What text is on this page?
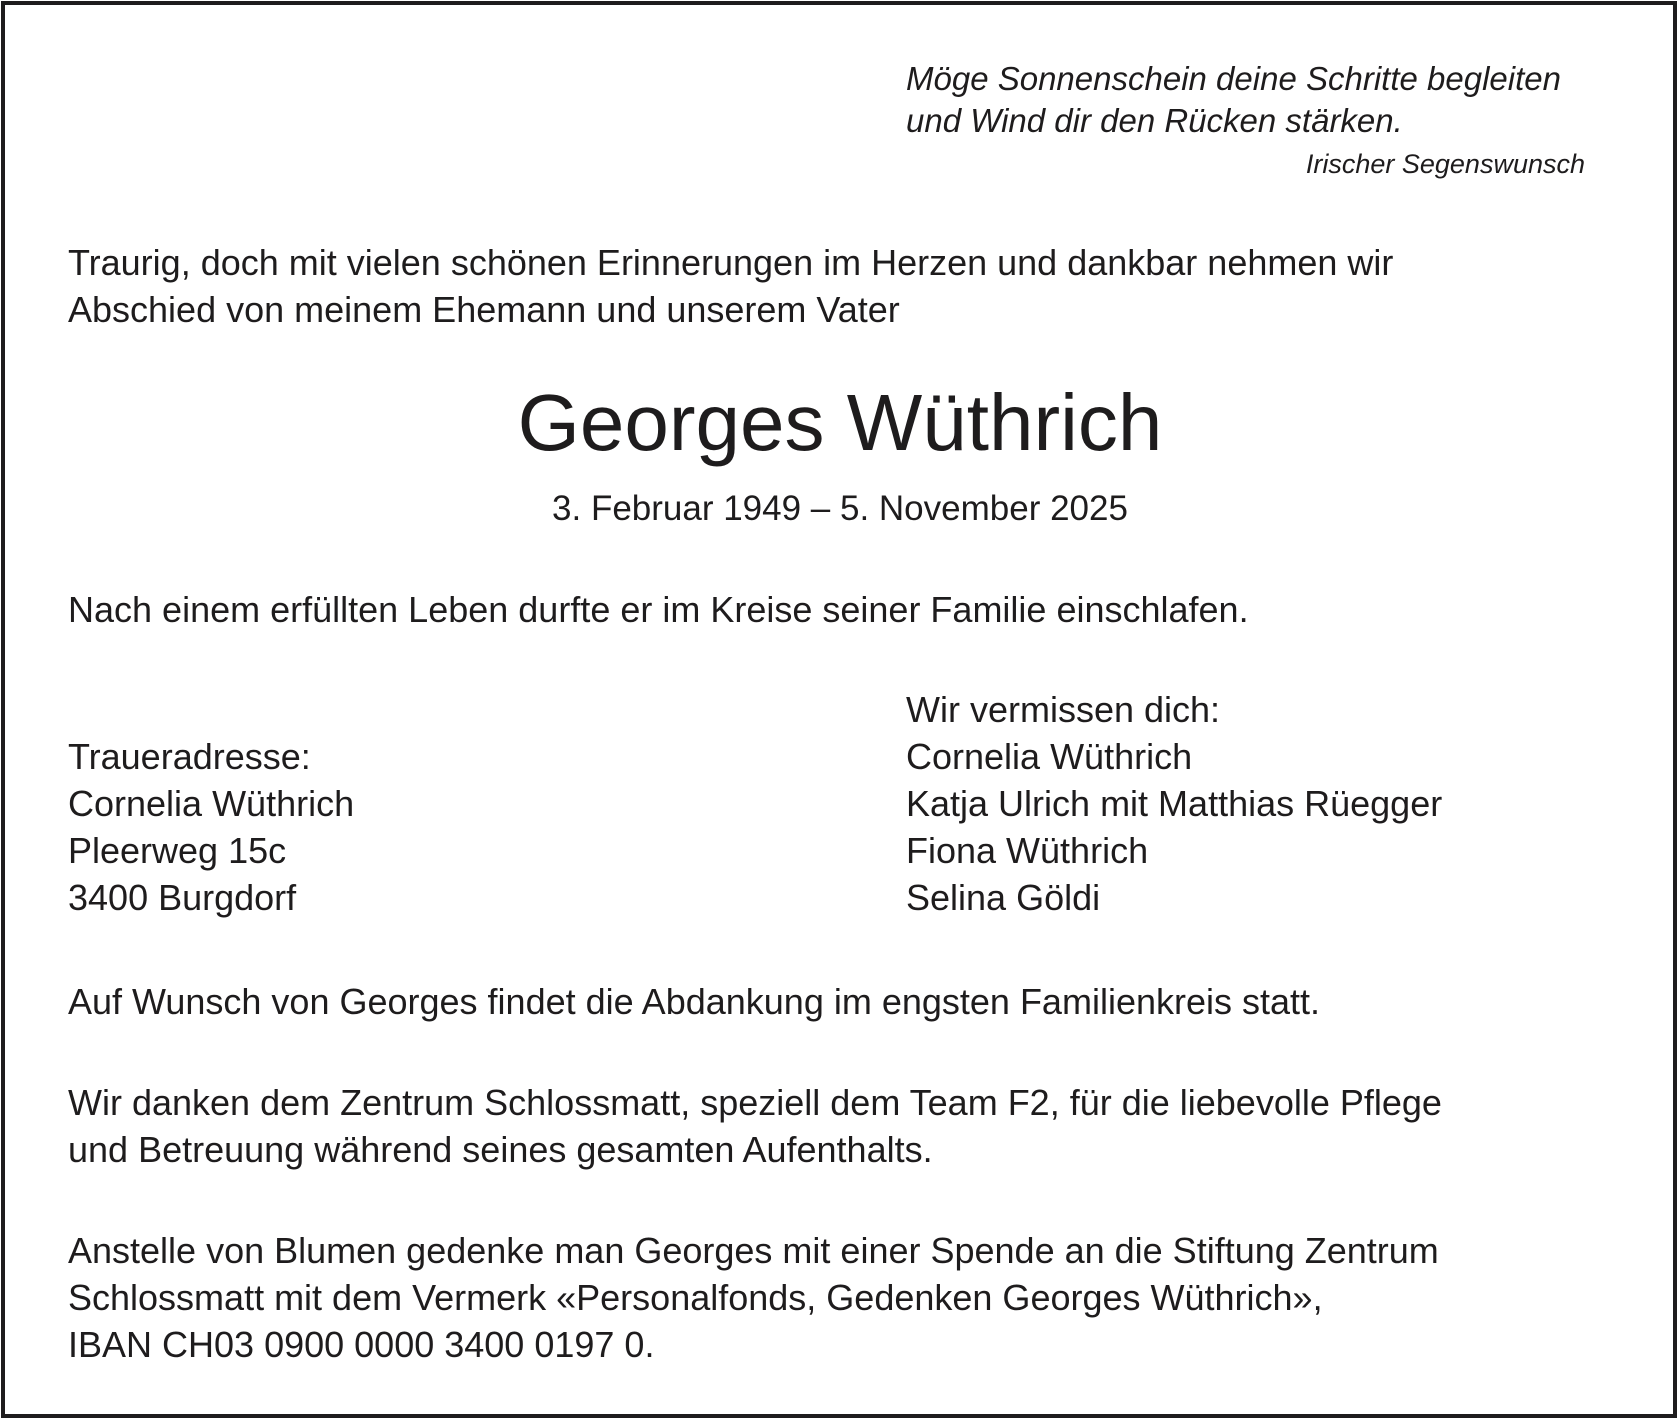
Möge Sonnenschein deine Schritte begleiten
und Wind dir den Rücken stärken.
Irischer Segenswunsch
Traurig, doch mit vielen schönen Erinnerungen im Herzen und dankbar nehmen wir
Abschied von meinem Ehemann und unserem Vater
Georges Wüthrich
3. Februar 1949 – 5. November 2025
Nach einem erfüllten Leben durfte er im Kreise seiner Familie einschlafen.
Wir vermissen dich:
Cornelia Wüthrich
Katja Ulrich mit Matthias Rüegger
Fiona Wüthrich
Selina Göldi
Traueradresse:
Cornelia Wüthrich
Pleerweg 15c
3400 Burgdorf
Auf Wunsch von Georges findet die Abdankung im engsten Familienkreis statt.
Wir danken dem Zentrum Schlossmatt, speziell dem Team F2, für die liebevolle Pflege
und Betreuung während seines gesamten Aufenthalts.
Anstelle von Blumen gedenke man Georges mit einer Spende an die Stiftung Zentrum
Schlossmatt mit dem Vermerk «Personalfonds, Gedenken Georges Wüthrich»,
IBAN CH03 0900 0000 3400 0197 0.
